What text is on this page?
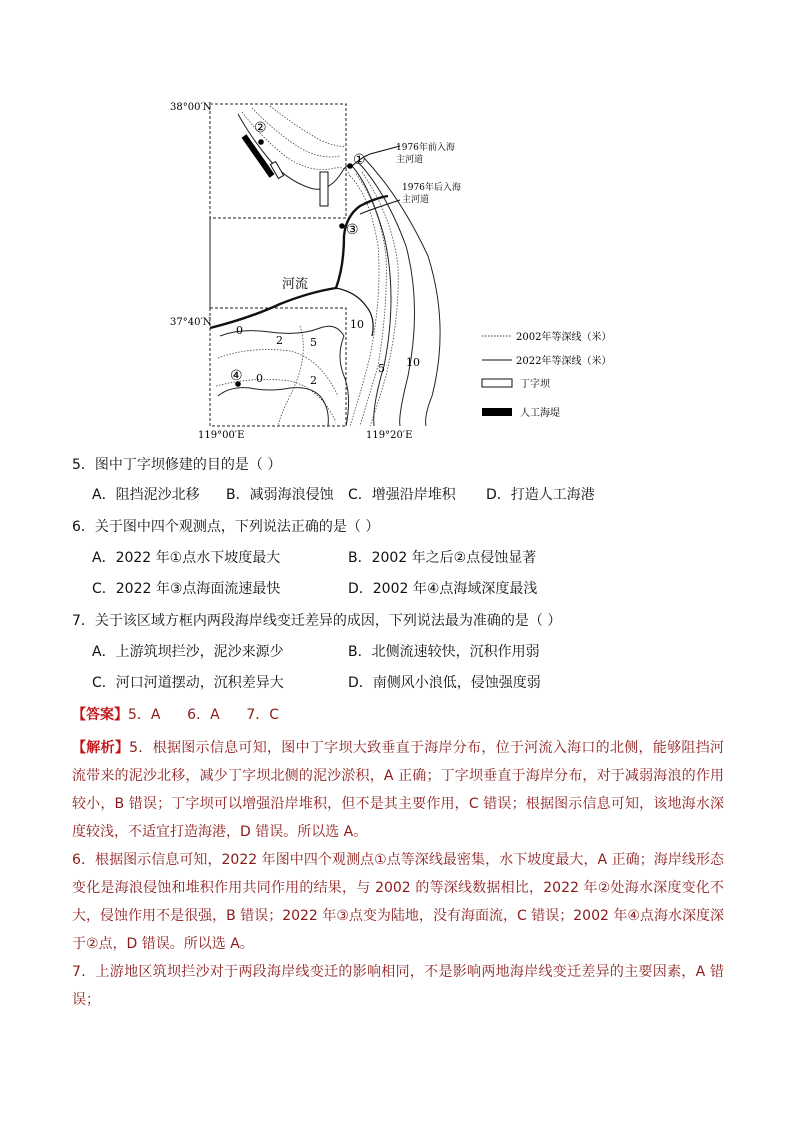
②
①
③
④
38°00′N
37°40′N
119°00′E	119°20′E
1976年前入海
主河道
1976年后入海
主河道
河流
0
2 5
0	2
10
5 10
2002年等深线（米）
2022年等深线（米）
丁字坝
人工海堤
5．图中丁字坝修建的目的是（ ）
A．阻挡泥沙北移 B．减弱海浪侵蚀 C．增强沿岸堆积 D．打造人工海港
6．关于图中四个观测点，下列说法正确的是（ ）
A．2022 年①点水下坡度最大	B．2002 年之后②点侵蚀显著
C．2022 年③点海面流速最快	D．2002 年④点海域深度最浅
7．关于该区域方框内两段海岸线变迁差异的成因，下列说法最为准确的是（ ）
A．上游筑坝拦沙，泥沙来源少	B．北侧流速较快，沉积作用弱
C．河口河道摆动，沉积差异大	D．南侧风小浪低，侵蚀强度弱
【答案】5．A      6．A      7．C

【解析】5．根据图示信息可知，图中丁字坝大致垂直于海岸分布，位于河流入海口的北侧，能够阻挡河流带来的泥沙北移，减少丁字坝北侧的泥沙淤积，A 正确；丁字坝垂直于海岸分布，对于减弱海浪的作用较小，B 错误；丁字坝可以增强沿岸堆积，但不是其主要作用，C 错误；根据图示信息可知，该地海水深度较浅，不适宜打造海港，D 错误。所以选 A。

6．根据图示信息可知，2022 年图中四个观测点①点等深线最密集，水下坡度最大，A 正确；海岸线形态变化是海浪侵蚀和堆积作用共同作用的结果，与 2002 的等深线数据相比，2022 年②处海水深度变化不大，侵蚀作用不是很强，B 错误；2022 年③点变为陆地，没有海面流，C 错误；2002 年④点海水深度深于②点，D 错误。所以选 A。

7．上游地区筑坝拦沙对于两段海岸线变迁的影响相同，不是影响两地海岸线变迁差异的主要因素，A 错误；
